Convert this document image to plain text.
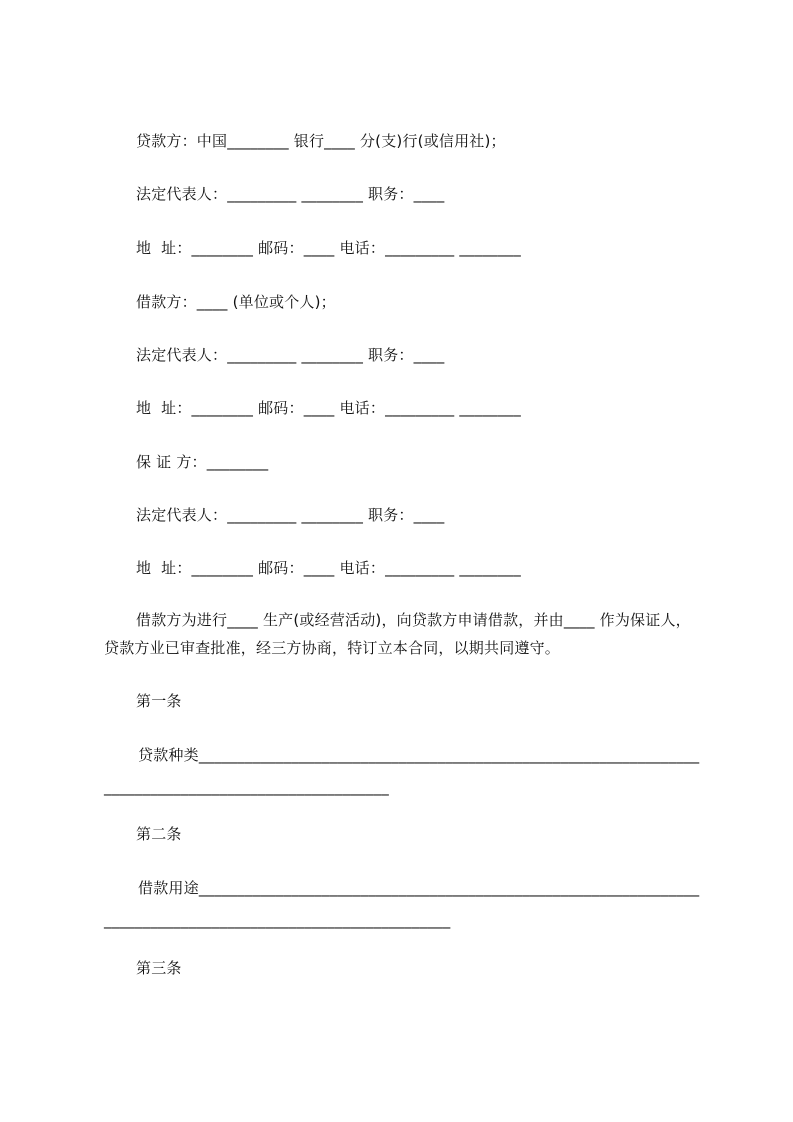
贷款方：中国________ 银行____ 分(支)行(或信用社)；
法定代表人：_________ ________ 职务：____
地  址：________ 邮码：____ 电话：_________ ________
借款方：____ (单位或个人)；
法定代表人：_________ ________ 职务：____
地  址：________ 邮码：____ 电话：_________ ________
保 证 方：________
法定代表人：_________ ________ 职务：____
地  址：________ 邮码：____ 电话：_________ ________
借款方为进行____ 生产(或经营活动)，向贷款方申请借款，并由____ 作为保证人，贷款方业已审查批准，经三方协商，特订立本合同，以期共同遵守。
第一条
贷款种类______________________________________________________________________________________________________
第二条
借款用途______________________________________________________________________________________________________________
第三条
